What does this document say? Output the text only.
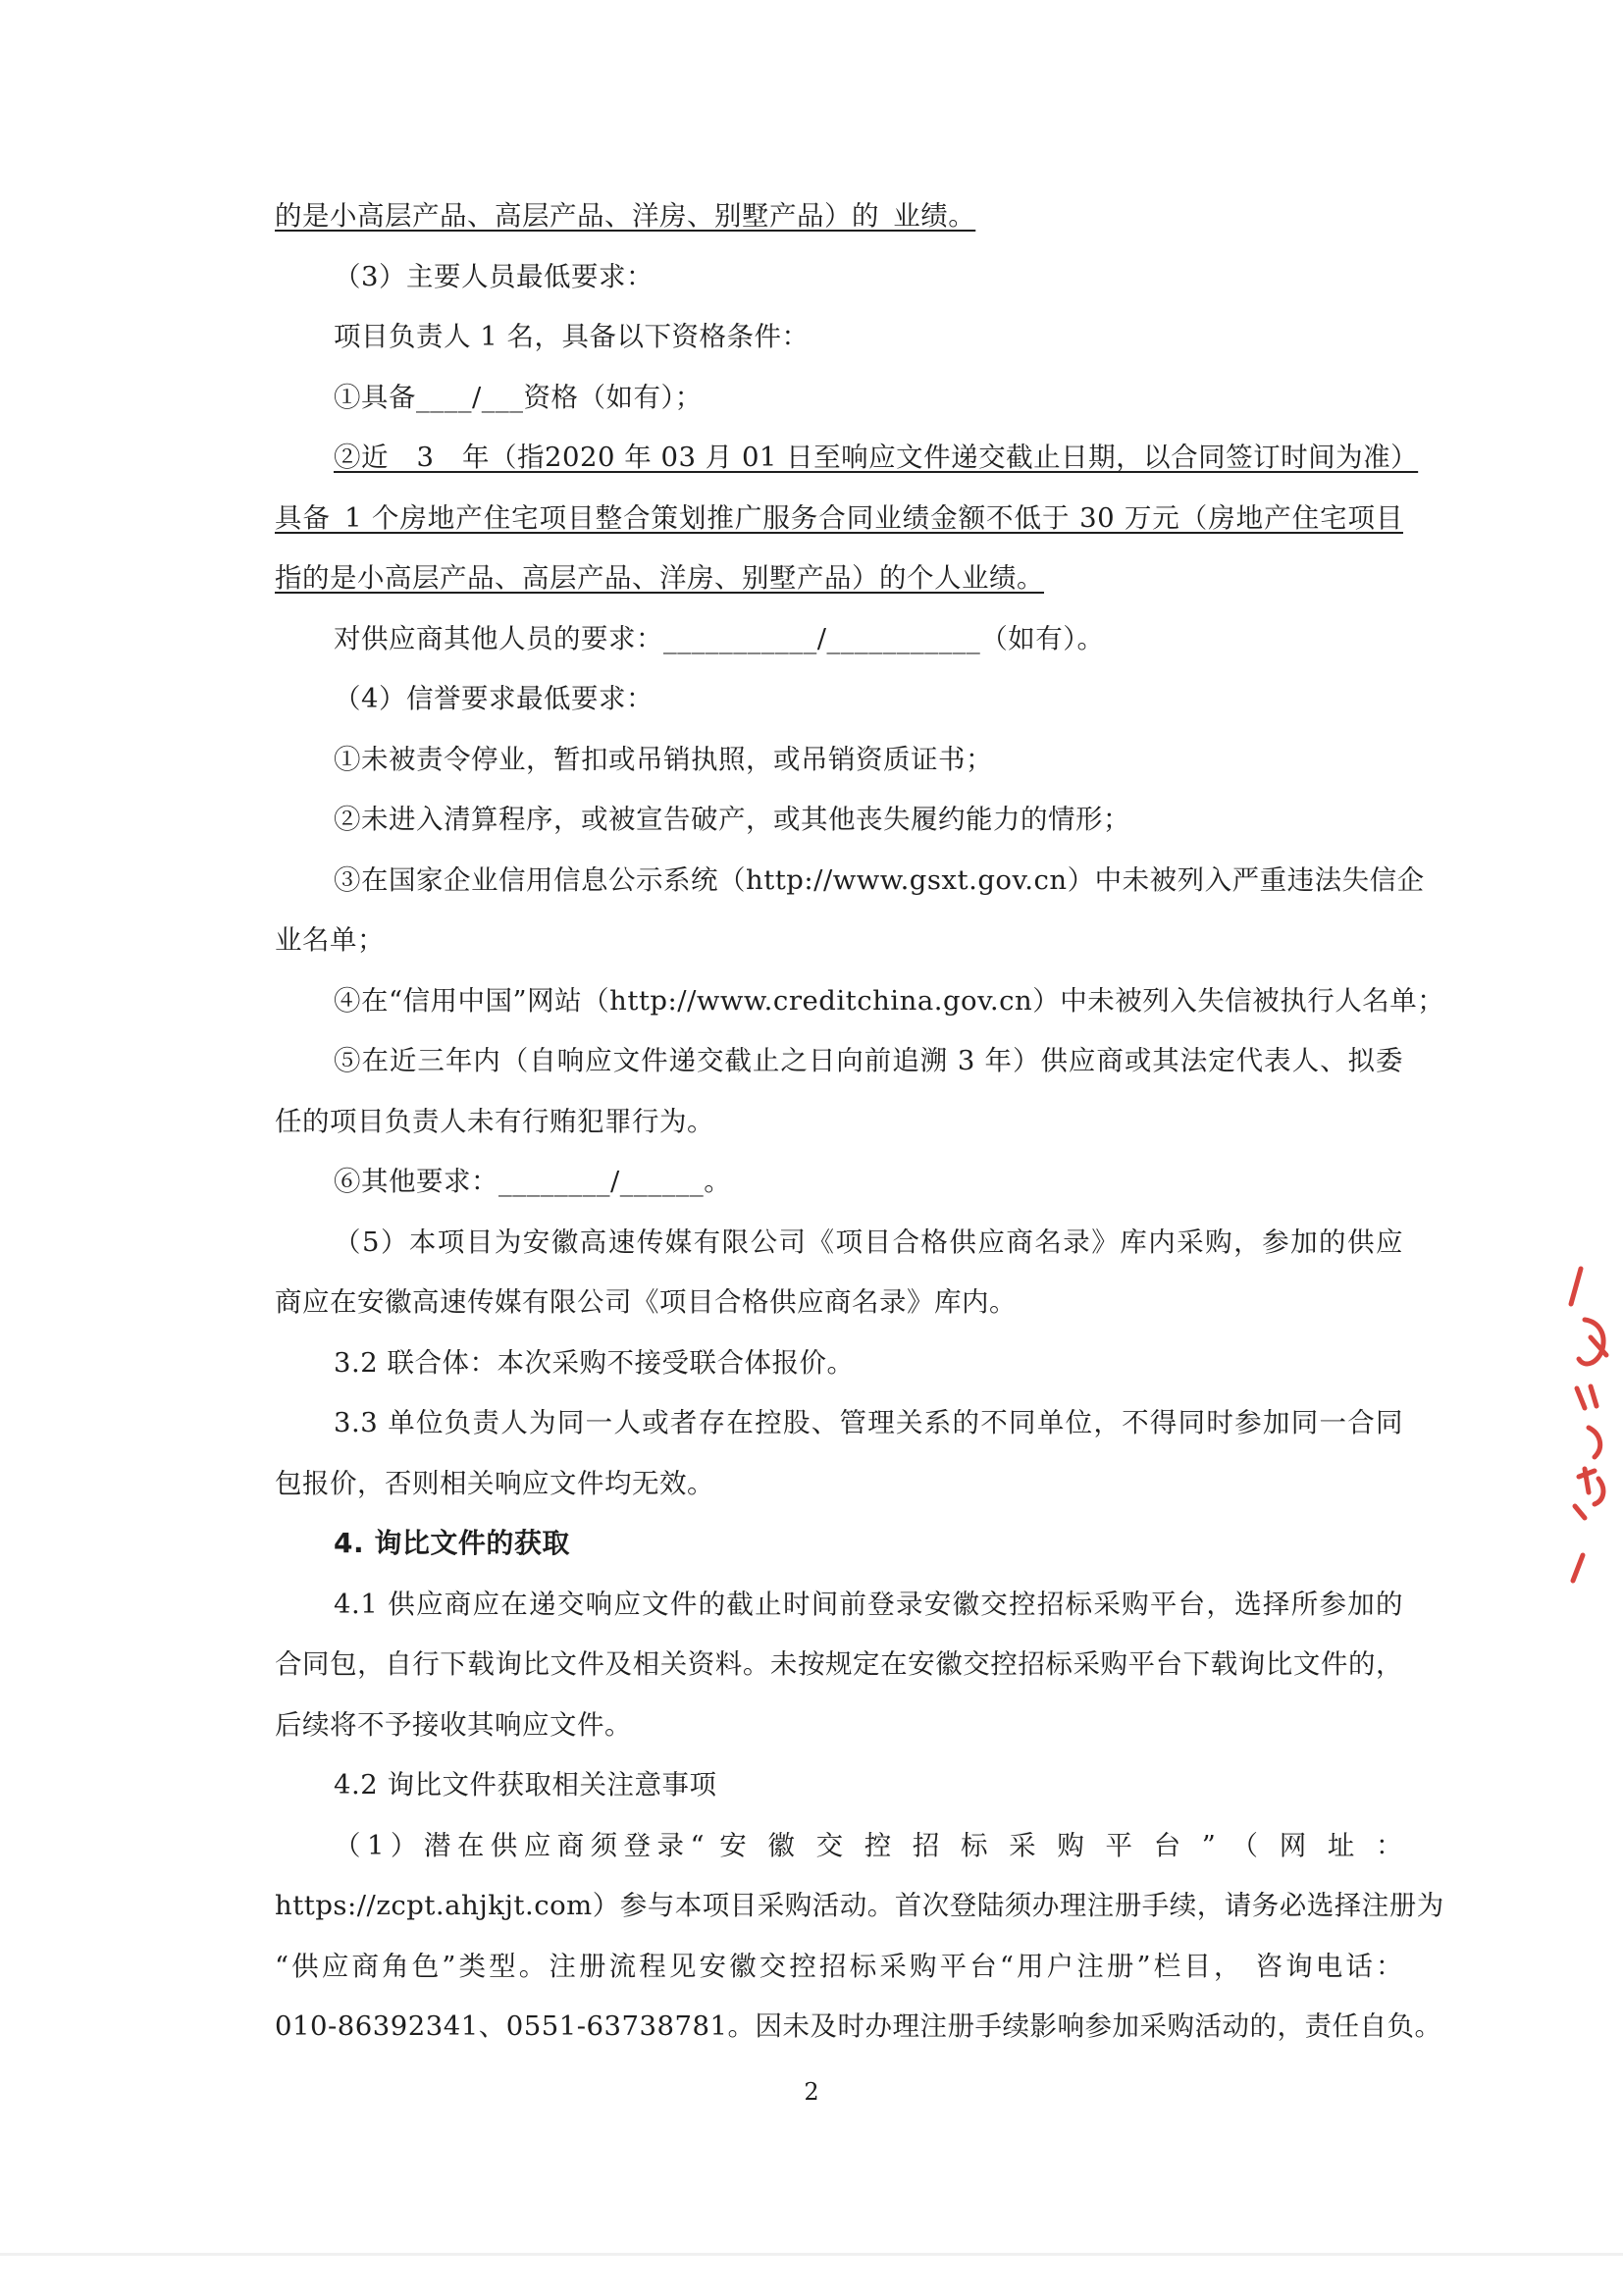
的是小高层产品、高层产品、洋房、别墅产品）的_业绩。
（3）主要人员最低要求：
项目负责人 1 名，具备以下资格条件：
①具备____/___资格（如有）；
②近__3__年（指2020 年 03 月 01 日至响应文件递交截止日期，以合同签订时间为准）
具备_1 个房地产住宅项目整合策划推广服务合同业绩金额不低于 30 万元（房地产住宅项目
指的是小高层产品、高层产品、洋房、别墅产品）的个人业绩。
对供应商其他人员的要求：___________/___________（如有）。
（4）信誉要求最低要求：
①未被责令停业，暂扣或吊销执照，或吊销资质证书；
②未进入清算程序，或被宣告破产，或其他丧失履约能力的情形；
③在国家企业信用信息公示系统（http://www.gsxt.gov.cn）中未被列入严重违法失信企
业名单；
④在“信用中国”网站（http://www.creditchina.gov.cn）中未被列入失信被执行人名单；
⑤在近三年内（自响应文件递交截止之日向前追溯 3 年）供应商或其法定代表人、拟委
任的项目负责人未有行贿犯罪行为。
⑥其他要求：________/______。
（5）本项目为安徽高速传媒有限公司《项目合格供应商名录》库内采购，参加的供应
商应在安徽高速传媒有限公司《项目合格供应商名录》库内。
3.2 联合体：本次采购不接受联合体报价。
3.3 单位负责人为同一人或者存在控股、管理关系的不同单位，不得同时参加同一合同
包报价，否则相关响应文件均无效。
4. 询比文件的获取
4.1 供应商应在递交响应文件的截止时间前登录安徽交控招标采购平台，选择所参加的
合同包，自行下载询比文件及相关资料。未按规定在安徽交控招标采购平台下载询比文件的，
后续将不予接收其响应文件。
4.2 询比文件获取相关注意事项
（1）潜在供应商须登录“ 安 徽 交 控 招 标 采 购 平 台 ” （ 网 址 ：
https://zcpt.ahjkjt.com）参与本项目采购活动。首次登陆须办理注册手续，请务必选择注册为
“供应商角色”类型。注册流程见安徽交控招标采购平台“用户注册”栏目， 咨询电话：
010-86392341、0551-63738781。因未及时办理注册手续影响参加采购活动的，责任自负。
2
